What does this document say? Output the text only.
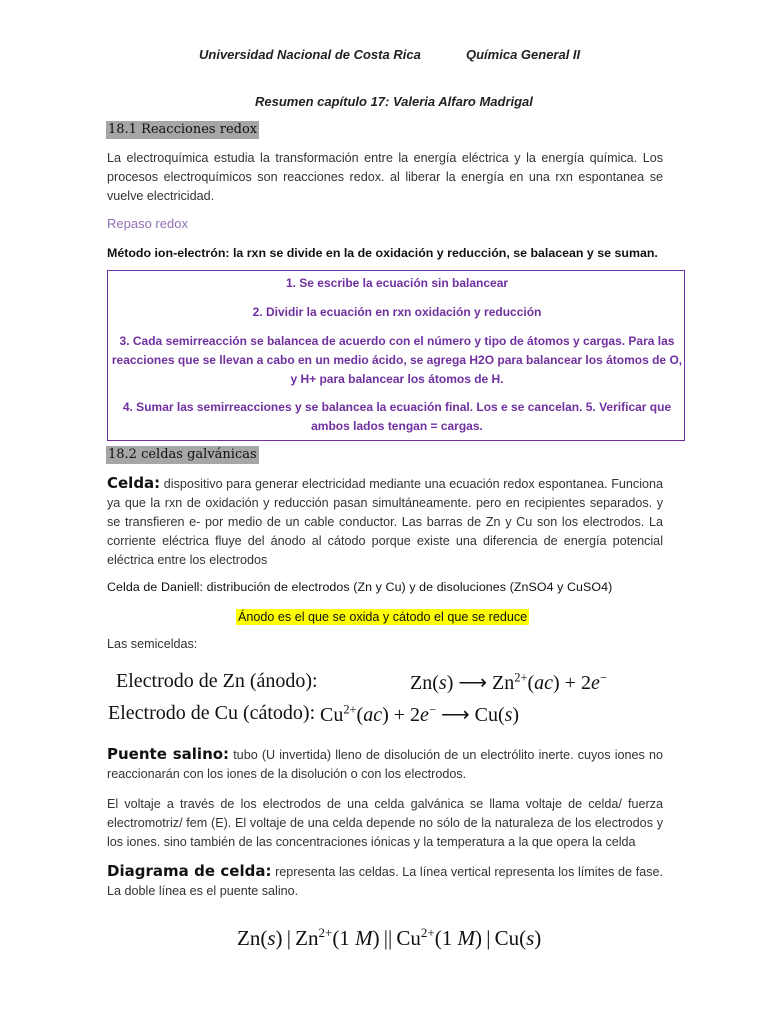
Universidad Nacional de Costa Rica	Química General II
Resumen capítulo 17: Valeria Alfaro Madrigal
18.1 Reacciones redox
La electroquímica estudia la transformación entre la energía eléctrica y la energía química. Los procesos electroquímicos son reacciones redox. al liberar la energía en una rxn espontanea se vuelve electricidad.
Repaso redox
Método ion-electrón: la rxn se divide en la de oxidación y reducción, se balacean y se suman.
1. Se escribe la ecuación sin balancear
2. Dividir la ecuación en rxn oxidación y reducción
3. Cada semirreacción se balancea de acuerdo con el número y tipo de átomos y cargas. Para las
reacciones que se llevan a cabo en un medio ácido, se agrega H2O para balancear los átomos de O,
y H+ para balancear los átomos de H.
4. Sumar las semirreacciones y se balancea la ecuación final. Los e se cancelan. 5. Verificar que
ambos lados tengan = cargas.
18.2 celdas galvánicas
Celda: dispositivo para generar electricidad mediante una ecuación redox espontanea. Funciona ya que la rxn de oxidación y reducción pasan simultáneamente. pero en recipientes separados. y se transfieren e- por medio de un cable conductor. Las barras de Zn y Cu son los electrodos. La corriente eléctrica fluye del ánodo al cátodo porque existe una diferencia de energía potencial eléctrica entre los electrodos
Celda de Daniell: distribución de electrodos (Zn y Cu) y de disoluciones (ZnSO4 y CuSO4)
Ánodo es el que se oxida y cátodo el que se reduce
Las semiceldas:
Electrodo de Zn (ánodo):	Zn(s) ⟶ $Zn^{2+}(ac) + 2e^-$
Electrodo de Cu (cátodo): $Cu^{2+}(ac) + 2e^-$ ⟶ Cu(s)
Puente salino: tubo (U invertida) lleno de disolución de un electrólito inerte. cuyos iones no reaccionarán con los iones de la disolución o con los electrodos.
El voltaje a través de los electrodos de una celda galvánica se llama voltaje de celda/ fuerza electromotriz/ fem (E). El voltaje de una celda depende no sólo de la naturaleza de los electrodos y los iones. sino también de las concentraciones iónicas y la temperatura a la que opera la celda
Diagrama de celda: representa las celdas. La línea vertical representa los límites de fase. La doble línea es el puente salino.
Zn(s) | $Zn^{2+}(1$ M) || $Cu^{2+}(1$ M) | Cu(s)
